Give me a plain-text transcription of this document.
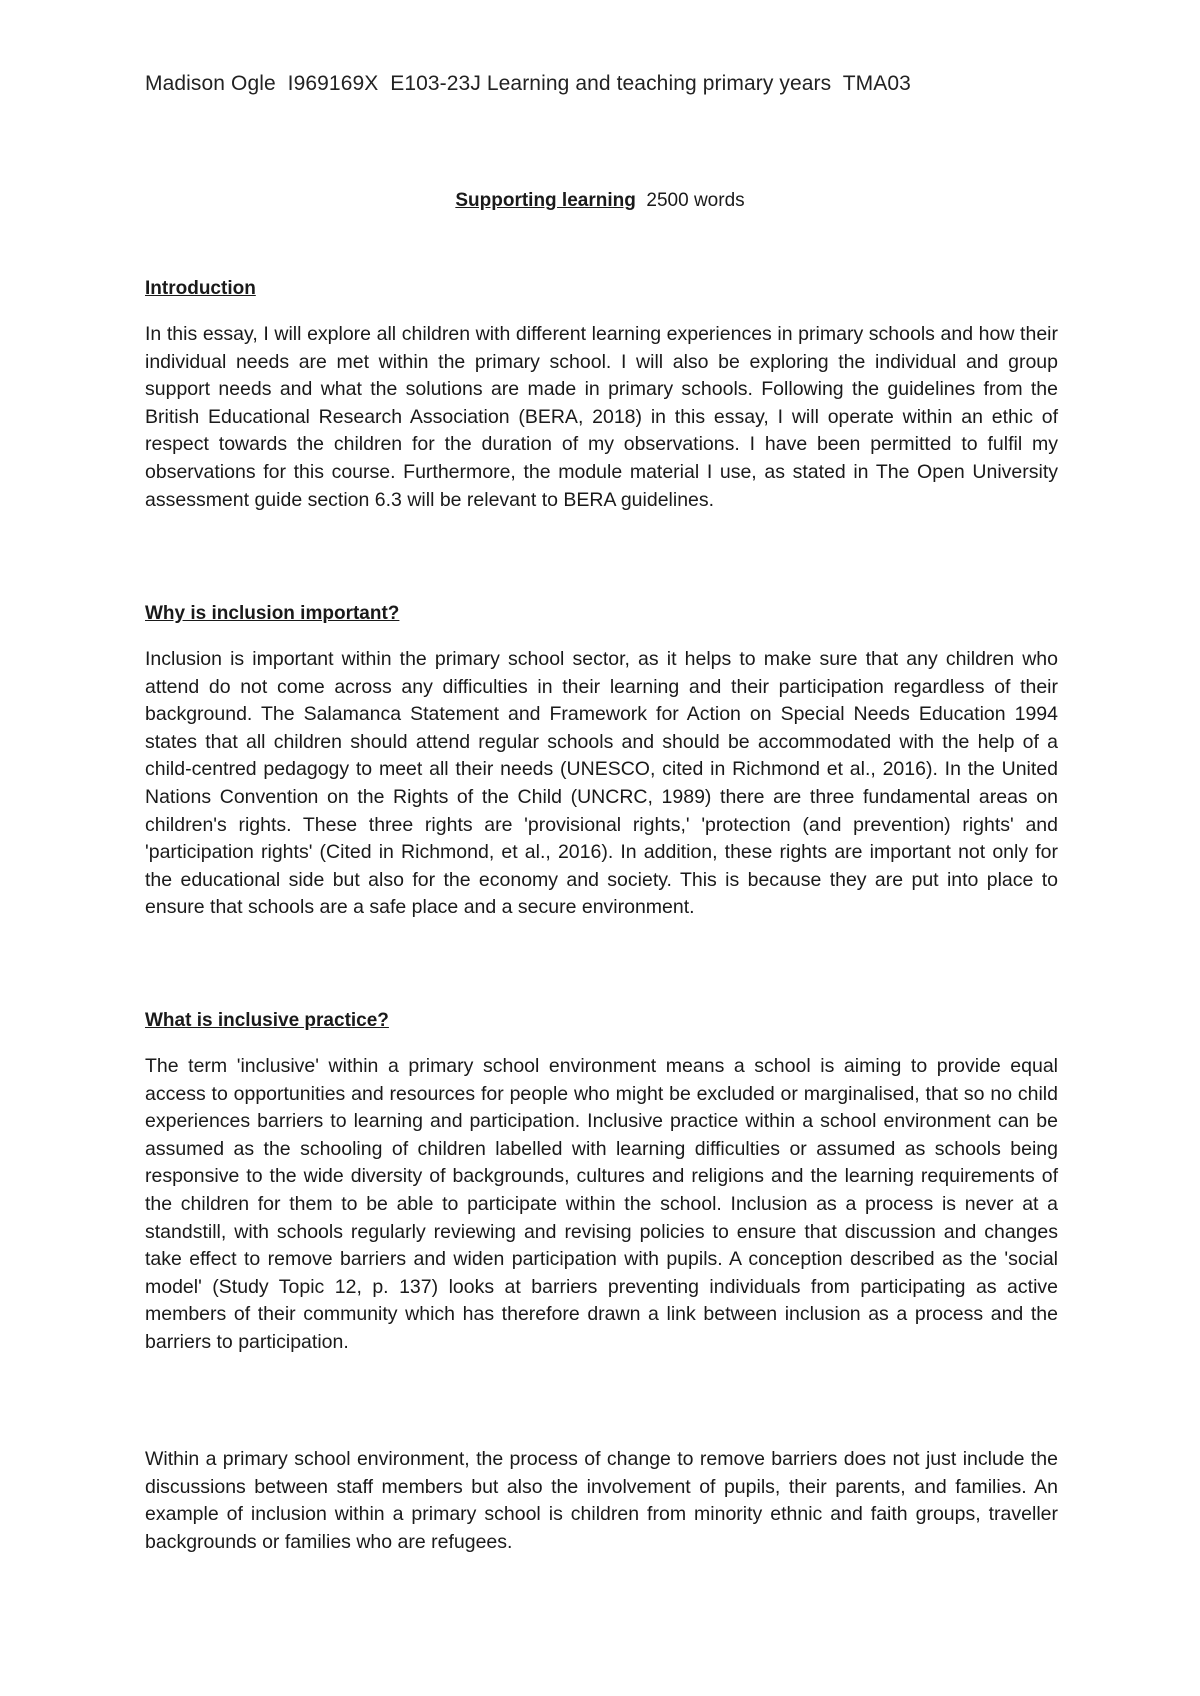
Madison Ogle  I969169X  E103-23J Learning and teaching primary years  TMA03
Supporting learning  2500 words
Introduction
In this essay, I will explore all children with different learning experiences in primary schools and how their individual needs are met within the primary school. I will also be exploring the individual and group support needs and what the solutions are made in primary schools. Following the guidelines from the British Educational Research Association (BERA, 2018) in this essay, I will operate within an ethic of respect towards the children for the duration of my observations. I have been permitted to fulfil my observations for this course. Furthermore, the module material I use, as stated in The Open University assessment guide section 6.3 will be relevant to BERA guidelines.
Why is inclusion important?
Inclusion is important within the primary school sector, as it helps to make sure that any children who attend do not come across any difficulties in their learning and their participation regardless of their background. The Salamanca Statement and Framework for Action on Special Needs Education 1994 states that all children should attend regular schools and should be accommodated with the help of a child-centred pedagogy to meet all their needs (UNESCO, cited in Richmond et al., 2016). In the United Nations Convention on the Rights of the Child (UNCRC, 1989) there are three fundamental areas on children's rights. These three rights are 'provisional rights,' 'protection (and prevention) rights' and 'participation rights' (Cited in Richmond, et al., 2016). In addition, these rights are important not only for the educational side but also for the economy and society. This is because they are put into place to ensure that schools are a safe place and a secure environment.
What is inclusive practice?
The term 'inclusive' within a primary school environment means a school is aiming to provide equal access to opportunities and resources for people who might be excluded or marginalised, that so no child experiences barriers to learning and participation. Inclusive practice within a school environment can be assumed as the schooling of children labelled with learning difficulties or assumed as schools being responsive to the wide diversity of backgrounds, cultures and religions and the learning requirements of the children for them to be able to participate within the school. Inclusion as a process is never at a standstill, with schools regularly reviewing and revising policies to ensure that discussion and changes take effect to remove barriers and widen participation with pupils. A conception described as the 'social model' (Study Topic 12, p. 137) looks at barriers preventing individuals from participating as active members of their community which has therefore drawn a link between inclusion as a process and the barriers to participation.
Within a primary school environment, the process of change to remove barriers does not just include the discussions between staff members but also the involvement of pupils, their parents, and families. An example of inclusion within a primary school is children from minority ethnic and faith groups, traveller backgrounds or families who are refugees.
